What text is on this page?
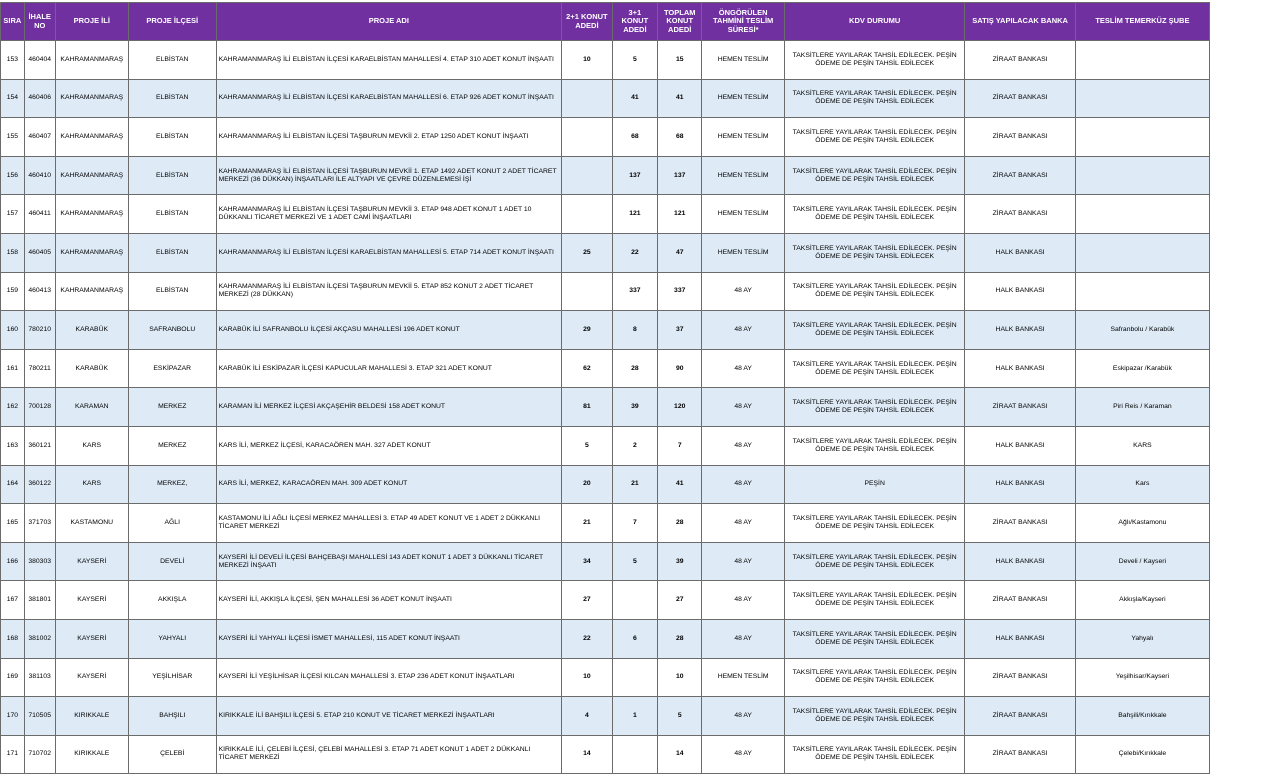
SIRA	İHALE NO	PROJE İLİ	PROJE İLÇESİ	PROJE ADI	2+1 KONUT ADEDİ	3+1 KONUT ADEDİ	TOPLAM KONUT ADEDİ	ÖNGÖRÜLEN TAHMİNİ TESLİM SÜRESİ*	KDV DURUMU	SATIŞ YAPILACAK BANKA	TESLİM TEMERKÜZ ŞUBE
153	460404	KAHRAMANMARAŞ	ELBİSTAN	KAHRAMANMARAŞ İLİ ELBİSTAN İLÇESİ KARAELBİSTAN MAHALLESİ 4. ETAP 310 ADET KONUT İNŞAATI	10	5	15	HEMEN TESLİM	TAKSİTLERE YAYILARAK TAHSİL EDİLECEK. PEŞİN ÖDEME DE PEŞİN TAHSİL EDİLECEK	ZİRAAT BANKASI	
154	460406	KAHRAMANMARAŞ	ELBİSTAN	KAHRAMANMARAŞ İLİ ELBİSTAN İLÇESİ KARAELBİSTAN MAHALLESİ 6. ETAP 926 ADET KONUT İNŞAATI		41	41	HEMEN TESLİM	TAKSİTLERE YAYILARAK TAHSİL EDİLECEK. PEŞİN ÖDEME DE PEŞİN TAHSİL EDİLECEK	ZİRAAT BANKASI	
155	460407	KAHRAMANMARAŞ	ELBİSTAN	KAHRAMANMARAŞ İLİ ELBİSTAN İLÇESİ TAŞBURUN MEVKİİ 2. ETAP 1250 ADET KONUT İNŞAATI		68	68	HEMEN TESLİM	TAKSİTLERE YAYILARAK TAHSİL EDİLECEK. PEŞİN ÖDEME DE PEŞİN TAHSİL EDİLECEK	ZİRAAT BANKASI	
156	460410	KAHRAMANMARAŞ	ELBİSTAN	KAHRAMANMARAŞ İLİ ELBİSTAN İLÇESİ TAŞBURUN MEVKİİ 1. ETAP 1492 ADET KONUT 2 ADET TİCARET MERKEZİ (36 DÜKKAN) İNŞAATLARI İLE ALTYAPI VE ÇEVRE DÜZENLEMESİ İŞİ		137	137	HEMEN TESLİM	TAKSİTLERE YAYILARAK TAHSİL EDİLECEK. PEŞİN ÖDEME DE PEŞİN TAHSİL EDİLECEK	ZİRAAT BANKASI	
157	460411	KAHRAMANMARAŞ	ELBİSTAN	KAHRAMANMARAŞ İLİ ELBİSTAN İLÇESİ TAŞBURUN MEVKİİ 3. ETAP 948 ADET KONUT 1 ADET 10 DÜKKANLI TİCARET MERKEZİ VE 1 ADET CAMİ İNŞAATLARI		121	121	HEMEN TESLİM	TAKSİTLERE YAYILARAK TAHSİL EDİLECEK. PEŞİN ÖDEME DE PEŞİN TAHSİL EDİLECEK	ZİRAAT BANKASI	
158	460405	KAHRAMANMARAŞ	ELBİSTAN	KAHRAMANMARAŞ İLİ ELBİSTAN İLÇESİ KARAELBİSTAN MAHALLESİ 5. ETAP 714 ADET KONUT İNŞAATI	25	22	47	HEMEN TESLİM	TAKSİTLERE YAYILARAK TAHSİL EDİLECEK. PEŞİN ÖDEME DE PEŞİN TAHSİL EDİLECEK	HALK BANKASI	
159	460413	KAHRAMANMARAŞ	ELBİSTAN	KAHRAMANMARAŞ İLİ ELBİSTAN İLÇESİ TAŞBURUN MEVKİİ 5. ETAP 852 KONUT 2 ADET TİCARET MERKEZİ (28 DÜKKAN)		337	337	48 AY	TAKSİTLERE YAYILARAK TAHSİL EDİLECEK. PEŞİN ÖDEME DE PEŞİN TAHSİL EDİLECEK	HALK BANKASI	
160	780210	KARABÜK	SAFRANBOLU	KARABÜK İLİ SAFRANBOLU İLÇESİ AKÇASU MAHALLESİ 196 ADET KONUT	29	8	37	48 AY	TAKSİTLERE YAYILARAK TAHSİL EDİLECEK. PEŞİN ÖDEME DE PEŞİN TAHSİL EDİLECEK	HALK BANKASI	Safranbolu / Karabük
161	780211	KARABÜK	ESKİPAZAR	KARABÜK İLİ ESKİPAZAR İLÇESİ KAPUCULAR MAHALLESİ 3. ETAP 321 ADET KONUT	62	28	90	48 AY	TAKSİTLERE YAYILARAK TAHSİL EDİLECEK. PEŞİN ÖDEME DE PEŞİN TAHSİL EDİLECEK	HALK BANKASI	Eskipazar /Karabük
162	700128	KARAMAN	MERKEZ	KARAMAN İLİ MERKEZ İLÇESİ AKÇAŞEHİR BELDESİ 158 ADET KONUT	81	39	120	48 AY	TAKSİTLERE YAYILARAK TAHSİL EDİLECEK. PEŞİN ÖDEME DE PEŞİN TAHSİL EDİLECEK	ZİRAAT BANKASI	Piri Reis / Karaman
163	360121	KARS	MERKEZ	KARS İLİ, MERKEZ İLÇESİ, KARACAÖREN MAH. 327 ADET KONUT	5	2	7	48 AY	TAKSİTLERE YAYILARAK TAHSİL EDİLECEK. PEŞİN ÖDEME DE PEŞİN TAHSİL EDİLECEK	HALK BANKASI	KARS
164	360122	KARS	MERKEZ,	KARS İLİ, MERKEZ, KARACAÖREN MAH. 309 ADET KONUT	20	21	41	48 AY	PEŞİN	HALK BANKASI	Kars
165	371703	KASTAMONU	AĞLI	KASTAMONU İLİ AĞLI İLÇESİ MERKEZ MAHALLESİ 3. ETAP 49 ADET KONUT VE 1 ADET 2 DÜKKANLI TİCARET MERKEZİ	21	7	28	48 AY	TAKSİTLERE YAYILARAK TAHSİL EDİLECEK. PEŞİN ÖDEME DE PEŞİN TAHSİL EDİLECEK	ZİRAAT BANKASI	Ağlı/Kastamonu
166	380303	KAYSERİ	DEVELİ	KAYSERİ İLİ DEVELİ İLÇESİ BAHÇEBAŞI MAHALLESİ 143 ADET KONUT 1 ADET 3 DÜKKANLI TİCARET MERKEZİ İNŞAATI	34	5	39	48 AY	TAKSİTLERE YAYILARAK TAHSİL EDİLECEK. PEŞİN ÖDEME DE PEŞİN TAHSİL EDİLECEK	HALK BANKASI	Develi / Kayseri
167	381801	KAYSERİ	AKKIŞLA	KAYSERİ İLİ, AKKIŞLA İLÇESİ, ŞEN MAHALLESİ 36 ADET KONUT İNŞAATI	27		27	48 AY	TAKSİTLERE YAYILARAK TAHSİL EDİLECEK. PEŞİN ÖDEME DE PEŞİN TAHSİL EDİLECEK	ZİRAAT BANKASI	Akkışla/Kayseri
168	381002	KAYSERİ	YAHYALI	KAYSERİ İLİ YAHYALI İLÇESİ İSMET MAHALLESİ, 115 ADET KONUT İNŞAATI	22	6	28	48 AY	TAKSİTLERE YAYILARAK TAHSİL EDİLECEK. PEŞİN ÖDEME DE PEŞİN TAHSİL EDİLECEK	HALK BANKASI	Yahyalı
169	381103	KAYSERİ	YEŞİLHİSAR	KAYSERİ İLİ YEŞİLHİSAR İLÇESİ KILCAN MAHALLESİ 3. ETAP 236 ADET KONUT İNŞAATLARI	10		10	HEMEN TESLİM	TAKSİTLERE YAYILARAK TAHSİL EDİLECEK. PEŞİN ÖDEME DE PEŞİN TAHSİL EDİLECEK	ZİRAAT BANKASI	Yeşilhisar/Kayseri
170	710505	KIRIKKALE	BAHŞILI	KIRIKKALE İLİ BAHŞILI İLÇESİ 5. ETAP 210 KONUT VE TİCARET MERKEZİ İNŞAATLARI	4	1	5	48 AY	TAKSİTLERE YAYILARAK TAHSİL EDİLECEK. PEŞİN ÖDEME DE PEŞİN TAHSİL EDİLECEK	ZİRAAT BANKASI	Bahşili/Kırıkkale
171	710702	KIRIKKALE	ÇELEBİ	KIRIKKALE İLİ, ÇELEBİ İLÇESİ, ÇELEBİ MAHALLESİ 3. ETAP 71 ADET KONUT 1 ADET 2 DÜKKANLI TİCARET MERKEZİ	14		14	48 AY	TAKSİTLERE YAYILARAK TAHSİL EDİLECEK. PEŞİN ÖDEME DE PEŞİN TAHSİL EDİLECEK	ZİRAAT BANKASI	Çelebi/Kırıkkale
